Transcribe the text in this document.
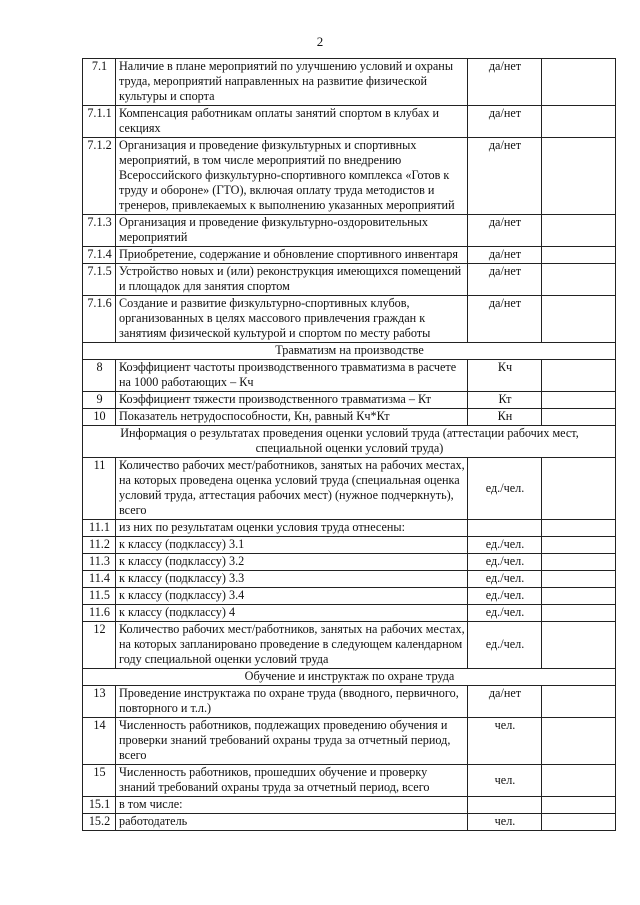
2
7.1	Наличие в плане мероприятий по улучшению условий и охраны труда, мероприятий направленных на развитие физической культуры и спорта	да/нет	
7.1.1	Компенсация работникам оплаты занятий спортом в клубах и секциях	да/нет	
7.1.2	Организация и проведение физкультурных и спортивных мероприятий, в том числе мероприятий по внедрению Всероссийского физкультурно-спортивного комплекса «Готов к труду и обороне» (ГТО), включая оплату труда методистов и тренеров, привлекаемых к выполнению указанных мероприятий	да/нет	
7.1.3	Организация и проведение физкультурно-оздоровительных мероприятий	да/нет	
7.1.4	Приобретение, содержание и обновление спортивного инвентаря	да/нет	
7.1.5	Устройство новых и (или) реконструкция имеющихся помещений и площадок для занятия спортом	да/нет	
7.1.6	Создание и развитие физкультурно-спортивных клубов, организованных в целях массового привлечения граждан к занятиям физической культурой и спортом по месту работы	да/нет	
Травматизм на производстве			
8	Коэффициент частоты производственного травматизма в расчете на 1000 работающих – Кч	Кч	
9	Коэффициент тяжести производственного травматизма – Кт	Кт	
10	Показатель нетрудоспособности, Кн, равный Кч*Кт	Кн	
Информация о результатах проведения оценки условий труда (аттестации рабочих мест, специальной оценки условий труда)			
11	Количество рабочих мест/работников, занятых на рабочих местах, на которых проведена оценка условий труда (специальная оценка условий труда, аттестация рабочих мест) (нужное подчеркнуть), всего	ед./чел.	
11.1	из них по результатам оценки условия труда отнесены:		
11.2	к классу (подклассу) 3.1	ед./чел.	
11.3	к классу (подклассу) 3.2	ед./чел.	
11.4	к классу (подклассу) 3.3	ед./чел.	
11.5	к классу (подклассу) 3.4	ед./чел.	
11.6	к классу (подклассу) 4	ед./чел.	
12	Количество рабочих мест/работников, занятых на рабочих местах, на которых запланировано проведение в следующем календарном году специальной оценки условий труда	ед./чел.	
Обучение и инструктаж по охране труда			
13	Проведение инструктажа по охране труда (вводного, первичного, повторного и т.л.)	да/нет	
14	Численность работников, подлежащих проведению обучения и проверки знаний требований охраны труда за отчетный период, всего	чел.	
15	Численность работников, прошедших обучение и проверку знаний требований охраны труда за отчетный период, всего	чел.	
15.1	в том числе:		
15.2	работодатель	чел.	
